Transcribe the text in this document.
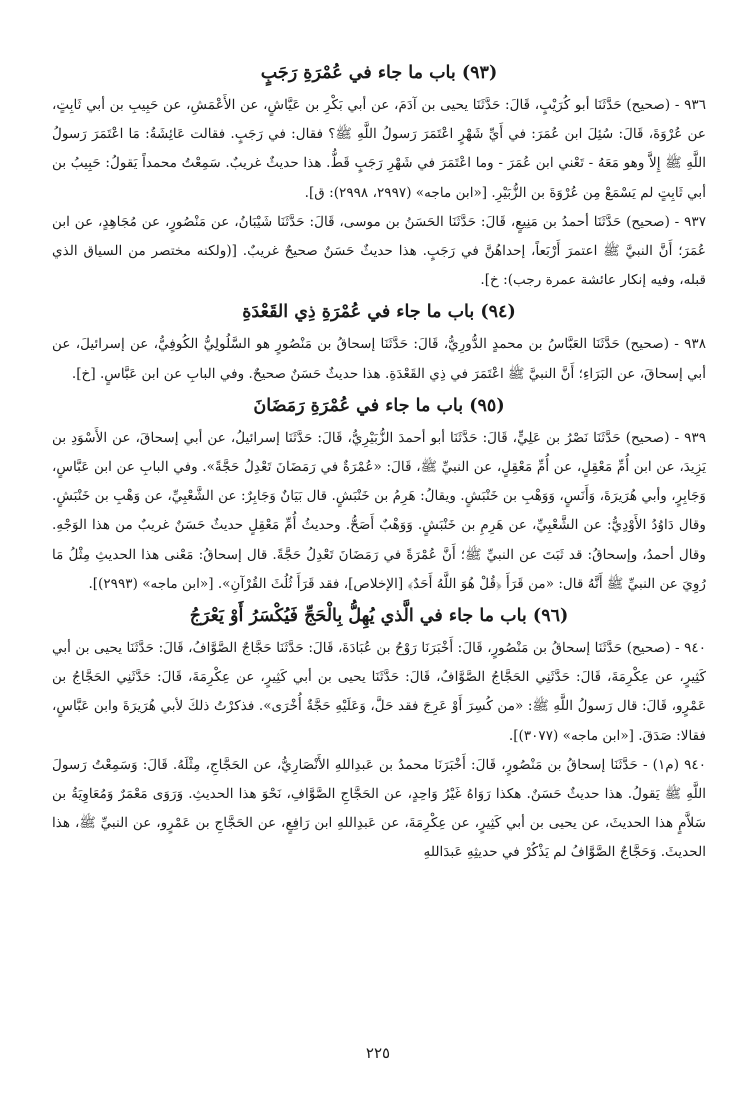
(٩٣) باب ما جاء في عُمْرَةِ رَجَبٍ

٩٣٦ - (صحيح) حَدَّثَنَا أبو كُرَيْبٍ، قَالَ: حَدَّثَنَا يحيى بن آدَمَ، عن أبي بَكْرِ بن عَيَّاشٍ، عن الأَعْمَشِ، عن حَبِيبِ بن أبي ثَابِتٍ، عن عُرْوَةَ، قَالَ: سُئِلَ ابن عُمَرَ: في أَيِّ شَهْرٍ اعْتَمَرَ رَسولُ اللَّهِ ﷺ؟ فقال: في رَجَبٍ. فقالت عَائِشَةُ: مَا اعْتَمَرَ رَسولُ اللَّهِ ﷺ إِلاَّ وهو مَعَهُ - تَعْني ابن عُمَرَ - وما اعْتَمَرَ في شَهْرِ رَجَبٍ قَطُّ. هذا حديثٌ غريبٌ. سَمِعْتُ محمداً يَقولُ: حَبِيبُ بن أبي ثَابِتٍ لم يَسْمَعْ مِن عُرْوَةَ بن الزُّبَيْرِ. [«ابن ماجه» (٢٩٩٧، ٢٩٩٨): ق].

٩٣٧ - (صحيح) حَدَّثَنَا أحمدُ بن مَنِيعٍ، قَالَ: حَدَّثَنَا الحَسَنُ بن موسى، قَالَ: حَدَّثَنَا شَيْبَانُ، عن مَنْصُورٍ، عن مُجَاهِدٍ، عن ابن عُمَرَ؛ أَنَّ النبيَّ ﷺ اعتمرَ أَرْبَعاً، إحداهُنَّ في رَجَبٍ. هذا حديثٌ حَسَنٌ صحيحٌ غريبٌ. [(ولكنه مختصر من السياق الذي قبله، وفيه إنكار عائشة عمرة رجب): خ].

(٩٤) باب ما جاء في عُمْرَةِ ذِي القَعْدَةِ

٩٣٨ - (صحيح) حَدَّثَنَا العَبَّاسُ بن محمدٍ الدُّورِيُّ، قَالَ: حَدَّثَنَا إسحاقُ بن مَنْصُورٍ هو السَّلُولِيُّ الكُوفِيُّ، عن إسرائيلَ، عن أبي إسحاقَ، عن البَرَاءِ؛ أَنَّ النبيَّ ﷺ اعْتَمَرَ في ذِي القَعْدَةِ. هذا حديثٌ حَسَنٌ صحيحٌ. وفي البابِ عن ابن عَبَّاسٍ. [خ].

(٩٥) باب ما جاء في عُمْرَةِ رَمَضَانَ

٩٣٩ - (صحيح) حَدَّثَنَا نَصْرُ بن عَلِيٍّ، قَالَ: حَدَّثَنَا أبو أحمدَ الزُّبَيْرِيُّ، قَالَ: حَدَّثَنَا إسرائيلُ، عن أبي إسحاقَ، عن الأَسْوَدِ بن يَزِيدَ، عن ابن أُمِّ مَعْقِلٍ، عن أُمِّ مَعْقِلٍ، عن النبيِّ ﷺ، قَالَ: «عُمْرَةٌ في رَمَضَانَ تَعْدِلُ حَجَّةً». وفي البابِ عن ابن عَبَّاسٍ، وَجَابِرٍ، وأبي هُرَيرَةَ، وَأَنَسٍ، وَوَهْبِ بن خَنْبَشٍ. ويقالُ: هَرِمُ بن خَنْبَشٍ. قال بَيَانٌ وَجَابِرٌ: عن الشَّعْبِيِّ، عن وَهْبِ بن خَنْبَشٍ. وقال دَاوُدُ الأَوْدِيُّ: عن الشَّعْبِيِّ، عن هَرِمِ بن خَنْبَشٍ. وَوَهْبٌ أَصَحُّ. وحديثُ أُمِّ مَعْقِلٍ حديثٌ حَسَنٌ غريبٌ من هذا الوَجْهِ. وقال أحمدُ، وإسحاقُ: قد ثَبَتَ عن النبيِّ ﷺ؛ أَنَّ عُمْرَةً في رَمَضَانَ تَعْدِلُ حَجَّةً. قال إسحاقُ: مَعْنى هذا الحديثِ مِثْلُ مَا رُوِيَ عن النبيِّ ﷺ أَنَّهُ قال: «من قَرَأَ ﴿قُلْ هُوَ اللَّهُ أَحَدٌ﴾ [الإخلاص]، فقد قَرَأَ ثُلُثَ القُرْآنِ». [«ابن ماجه» (٢٩٩٣)].

(٩٦) باب ما جاء في الَّذي يُهِلُّ بِالْحَجِّ فَيُكْسَرُ أَوْ يَعْرَجُ

٩٤٠ - (صحيح) حَدَّثَنَا إسحاقُ بن مَنْصُورٍ، قَالَ: أَخْبَرَنَا رَوْحُ بن عُبَادَةَ، قَالَ: حَدَّثَنَا حَجَّاجٌ الصَّوَّافُ، قَالَ: حَدَّثَنَا يحيى بن أبي كَثِيرٍ، عن عِكْرِمَةَ، قَالَ: حَدَّثَنِي الحَجَّاجُ الصَّوَّافُ، قَالَ: حَدَّثَنَا يحيى بن أبي كَثِيرٍ، عن عِكْرِمَةَ، قَالَ: حَدَّثَنِي الحَجَّاجُ بن عَمْرٍو، قَالَ: قال رَسولُ اللَّهِ ﷺ: «من كُسِرَ أَوْ عَرِجَ فقد حَلَّ، وَعَلَيْهِ حَجَّةٌ أُخْرَى». فذكرْتُ ذلكَ لأبي هُرَيرَةَ وابن عَبَّاسٍ، فقالا: صَدَقَ. [«ابن ماجه» (٣٠٧٧)].

٩٤٠ (م١) - حَدَّثَنَا إسحاقُ بن مَنْصُورٍ، قَالَ: أَخْبَرَنَا محمدُ بن عَبدِاللهِ الأَنْصَارِيُّ، عن الحَجَّاجِ، مِثْلَهُ. قَالَ: وَسَمِعْتُ رَسولَ اللَّهِ ﷺ يَقولُ. هذا حديثٌ حَسَنٌ. هكذا رَوَاهُ غَيْرُ وَاحِدٍ، عن الحَجَّاجِ الصَّوَّافِ، نَحْوَ هذا الحديثِ. وَرَوَى مَعْمَرٌ وَمُعَاوِيَةُ بن سَلاَّمٍ هذا الحديثَ، عن يحيى بن أبي كَثِيرٍ، عن عِكْرِمَةَ، عن عَبدِاللهِ ابن رَافِعٍ، عن الحَجَّاجِ بن عَمْرٍو، عن النبيِّ ﷺ، هذا الحديثَ. وَحَجَّاجٌ الصَّوَّافُ لم يَذْكُرْ في حديثِهِ عَبدَاللهِ

٢٢٥
